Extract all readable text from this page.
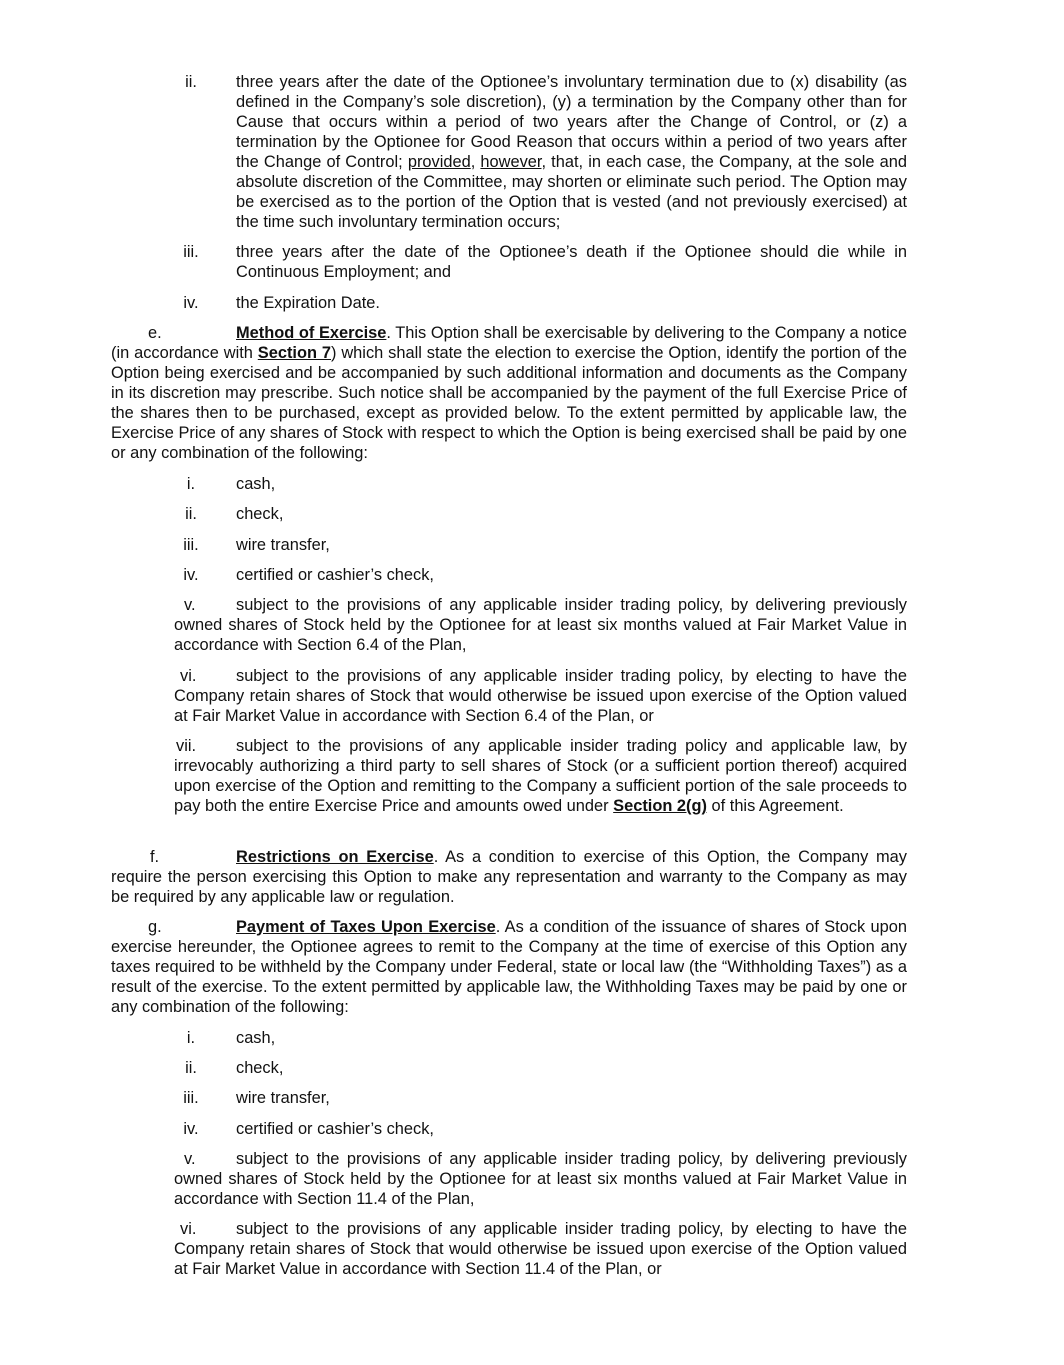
ii.	three years after the date of the Optionee’s involuntary termination due to (x) disability (as defined in the Company’s sole discretion), (y) a termination by the Company other than for Cause that occurs within a period of two years after the Change of Control, or (z) a termination by the Optionee for Good Reason that occurs within a period of two years after the Change of Control; provided, however, that, in each case, the Company, at the sole and absolute discretion of the Committee, may shorten or eliminate such period. The Option may be exercised as to the portion of the Option that is vested (and not previously exercised) at the time such involuntary termination occurs;
iii.	three years after the date of the Optionee’s death if the Optionee should die while in Continuous Employment; and
iv.	the Expiration Date.
e.	Method of Exercise. This Option shall be exercisable by delivering to the Company a notice (in accordance with Section 7) which shall state the election to exercise the Option, identify the portion of the Option being exercised and be accompanied by such additional information and documents as the Company in its discretion may prescribe. Such notice shall be accompanied by the payment of the full Exercise Price of the shares then to be purchased, except as provided below. To the extent permitted by applicable law, the Exercise Price of any shares of Stock with respect to which the Option is being exercised shall be paid by one or any combination of the following:
i.	cash,
ii.	check,
iii.	wire transfer,
iv.	certified or cashier’s check,
v. subject to the provisions of any applicable insider trading policy, by delivering previously owned shares of Stock held by the Optionee for at least six months valued at Fair Market Value in accordance with Section 6.4 of the Plan,
vi. subject to the provisions of any applicable insider trading policy, by electing to have the Company retain shares of Stock that would otherwise be issued upon exercise of the Option valued at Fair Market Value in accordance with Section 6.4 of the Plan, or
vii. subject to the provisions of any applicable insider trading policy and applicable law, by irrevocably authorizing a third party to sell shares of Stock (or a sufficient portion thereof) acquired upon exercise of the Option and remitting to the Company a sufficient portion of the sale proceeds to pay both the entire Exercise Price and amounts owed under Section 2(g) of this Agreement.
f.	Restrictions on Exercise. As a condition to exercise of this Option, the Company may require the person exercising this Option to make any representation and warranty to the Company as may be required by any applicable law or regulation.
g.	Payment of Taxes Upon Exercise. As a condition of the issuance of shares of Stock upon exercise hereunder, the Optionee agrees to remit to the Company at the time of exercise of this Option any taxes required to be withheld by the Company under Federal, state or local law (the “Withholding Taxes”) as a result of the exercise. To the extent permitted by applicable law, the Withholding Taxes may be paid by one or any combination of the following:
i.	cash,
ii.	check,
iii.	wire transfer,
iv.	certified or cashier’s check,
v. subject to the provisions of any applicable insider trading policy, by delivering previously owned shares of Stock held by the Optionee for at least six months valued at Fair Market Value in accordance with Section 11.4 of the Plan,
vi. subject to the provisions of any applicable insider trading policy, by electing to have the Company retain shares of Stock that would otherwise be issued upon exercise of the Option valued at Fair Market Value in accordance with Section 11.4 of the Plan, or
